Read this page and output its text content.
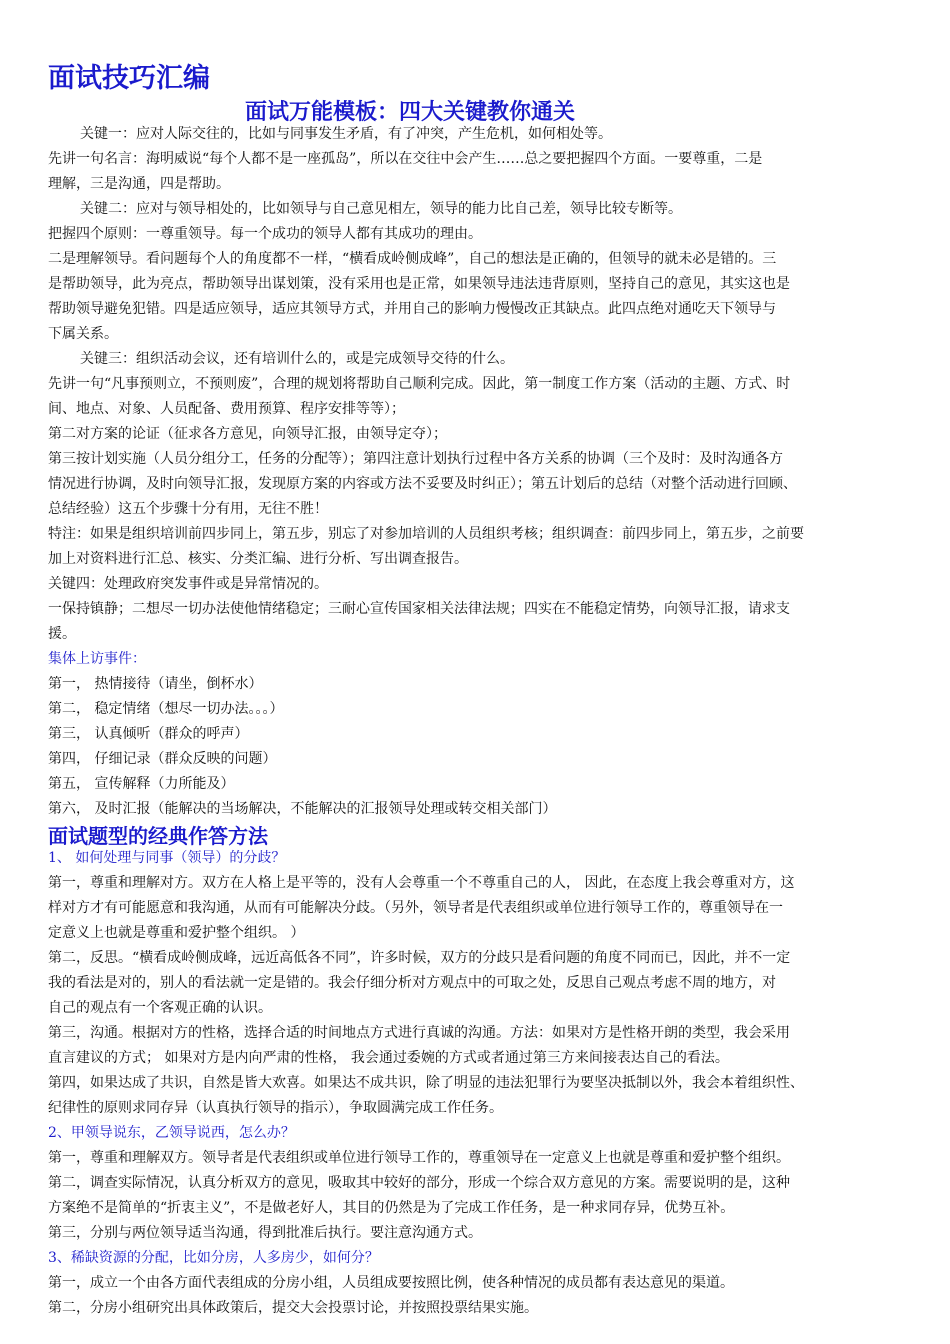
面试技巧汇编
面试万能模板：四大关键教你通关

关键一：应对人际交往的，比如与同事发生矛盾，有了冲突，产生危机，如何相处等。

先讲一句名言：海明威说“每个人都不是一座孤岛”，所以在交往中会产生……总之要把握四个方面。一要尊重，二是

理解，三是沟通，四是帮助。

关键二：应对与领导相处的，比如领导与自己意见相左，领导的能力比自己差，领导比较专断等。

把握四个原则：一尊重领导。每一个成功的领导人都有其成功的理由。

二是理解领导。看问题每个人的角度都不一样，“横看成岭侧成峰”，自己的想法是正确的，但领导的就未必是错的。三

是帮助领导，此为亮点，帮助领导出谋划策，没有采用也是正常，如果领导违法违背原则，坚持自己的意见，其实这也是

帮助领导避免犯错。四是适应领导，适应其领导方式，并用自己的影响力慢慢改正其缺点。此四点绝对通吃天下领导与

下属关系。

关键三：组织活动会议，还有培训什么的，或是完成领导交待的什么。

先讲一句“凡事预则立，不预则废”，合理的规划将帮助自己顺利完成。因此，第一制度工作方案（活动的主题、方式、时

间、地点、对象、人员配备、费用预算、程序安排等等）；

第二对方案的论证（征求各方意见，向领导汇报，由领导定夺）；

第三按计划实施（人员分组分工，任务的分配等）；第四注意计划执行过程中各方关系的协调（三个及时：及时沟通各方

情况进行协调，及时向领导汇报，发现原方案的内容或方法不妥要及时纠正）；第五计划后的总结（对整个活动进行回顾、

总结经验）这五个步骤十分有用，无往不胜！

特注：如果是组织培训前四步同上，第五步，别忘了对参加培训的人员组织考核；组织调查：前四步同上，第五步，之前要

加上对资料进行汇总、核实、分类汇编、进行分析、写出调查报告。

关键四：处理政府突发事件或是异常情况的。

一保持镇静；二想尽一切办法使他情绪稳定；三耐心宣传国家相关法律法规；四实在不能稳定情势，向领导汇报，请求支

援。

集体上访事件：

第一， 热情接待（请坐，倒杯水）

第二， 稳定情绪（想尽一切办法。。。）

第三， 认真倾听（群众的呼声）

第四， 仔细记录（群众反映的问题）

第五， 宣传解释（力所能及）

第六， 及时汇报（能解决的当场解决，不能解决的汇报领导处理或转交相关部门）

面试题型的经典作答方法

1、 如何处理与同事（领导）的分歧？

第一，尊重和理解对方。双方在人格上是平等的，没有人会尊重一个不尊重自己的人， 因此，在态度上我会尊重对方，这

样对方才有可能愿意和我沟通，从而有可能解决分歧。（另外，领导者是代表组织或单位进行领导工作的，尊重领导在一

定意义上也就是尊重和爱护整个组织。 ）

第二，反思。“横看成岭侧成峰，远近高低各不同”，许多时候，双方的分歧只是看问题的角度不同而已，因此，并不一定

我的看法是对的，别人的看法就一定是错的。我会仔细分析对方观点中的可取之处，反思自己观点考虑不周的地方，对

自己的观点有一个客观正确的认识。

第三，沟通。根据对方的性格，选择合适的时间地点方式进行真诚的沟通。方法：如果对方是性格开朗的类型，我会采用

直言建议的方式； 如果对方是内向严肃的性格， 我会通过委婉的方式或者通过第三方来间接表达自己的看法。

第四，如果达成了共识，自然是皆大欢喜。如果达不成共识，除了明显的违法犯罪行为要坚决抵制以外，我会本着组织性、

纪律性的原则求同存异（认真执行领导的指示），争取圆满完成工作任务。

2、甲领导说东，乙领导说西，怎么办？

第一，尊重和理解双方。领导者是代表组织或单位进行领导工作的，尊重领导在一定意义上也就是尊重和爱护整个组织。

第二，调查实际情况，认真分析双方的意见，吸取其中较好的部分，形成一个综合双方意见的方案。需要说明的是，这种

方案绝不是简单的“折衷主义”，不是做老好人，其目的仍然是为了完成工作任务，是一种求同存异，优势互补。

第三，分别与两位领导适当沟通，得到批准后执行。要注意沟通方式。

3、稀缺资源的分配，比如分房，人多房少，如何分？

第一，成立一个由各方面代表组成的分房小组，人员组成要按照比例，使各种情况的成员都有表达意见的渠道。

第二，分房小组研究出具体政策后，提交大会投票讨论，并按照投票结果实施。
